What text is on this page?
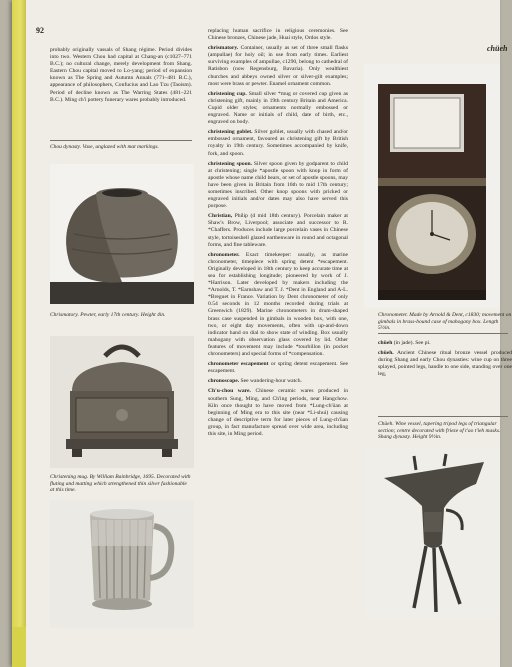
92
chüeh

probably originally vassals of Shang régime. Period divides into two. Western Chou had capital at Chang-an (c1027–771 B.C.); no cultural change, merely development from Shang. Eastern Chou capital moved to Lo-yang; period of expansion known as The Spring and Autumn Annals (771–481 B.C.), appearance of philosophers, Confucius and Lao Tzu (Taoism). Period of decline known as The Warring States (481–221 B.C.). Ming ch'i pottery funerary wares probably introduced.

Chou dynasty. Vase, unglazed with mat markings.

Chrismatory. Pewter, early 17th century. Height 4in.

Christening mug. By William Bainbridge, 1695. Decorated with fluting and matting which strengthened thin silver fashionable at this time.

replacing human sacrifice in religious ceremonies. See Chinese bronzes, Chinese jade, Huai style, Ordos style.

chrismatory. Container, usually as set of three small flasks (ampullae) for holy oil; in use from early times. Earliest surviving examples of ampullae, c1290, belong to cathedral of Ratisbon (now Regensburg, Bavaria). Only wealthiest churches and abbeys owned silver or silver-gilt examples; most were brass or pewter. Enamel ornament common.

christening cup. Small silver *mug or covered cup given as christening gift, mainly in 19th century Britain and America. Cupid older styles; ornaments normally embossed or engraved. Name or initials of child, date of birth, etc., engraved on body.

christening goblet. Silver goblet, usually with chased and/or embossed ornament, favoured as christening gift by British royalty in 19th century. Sometimes accompanied by knife, fork, and spoon.

christening spoon. Silver spoon given by godparent to child at christening; single *apostle spoon with knop in form of apostle whose name child bears, or set of apostle spoons, may have been given in Britain from 16th to mid 17th century; sometimes inscribed. Other knop spoons with pricked or engraved initials and/or dates may also have served this purpose.

Christian, Philip (d mid 18th century). Porcelain maker at Shaw's Brow, Liverpool; associate and successor to R. *Chaffers. Produces include large porcelain vases in Chinese style, tortoiseshell glazed earthenware in round and octagonal forms, and fine tableware.

chronometer. Exact timekeeper: usually, as marine chronometer, timepiece with spring detent *escapement. Originally developed in 18th century to keep accurate time at sea for establishing longitude; pioneered by work of J. *Harrison. Later developed by makers including the *Arnolds, T. *Earnshaw and T. J. *Dent in England and A-L. *Breguet in France. Variation by Dent chronometer of only 0.54 seconds in 12 months recorded during trials at Greenwich (1829). Marine chronometers in drum-shaped brass case suspended in gimbals in wooden box, with one, two, or eight day movements, often with up-and-down indicator hand on dial to show state of winding. Box usually mahogany with observation glass covered by lid. Other features of movement may include *tourbillon (in pocket chronometers) and special forms of *compensation.

chronometer escapement or spring detent escapement. See escapement.

chronoscope. See wandering-hour watch.

Ch'u-chou ware. Chinese ceramic wares produced in southern Sung, Ming, and Ch'ing periods, near Hangchow. Kiln once thought to have moved from *Lung-ch'üan at beginning of Ming era to this site (near *Li-shui) causing change of descriptive term for later pieces of Lung-ch'üan group, in fact manufacture spread over wide area, including this site, in Ming period.

Chronometer. Made by Arnold & Dent, c1830; movement on gimbals in brass-bound case of mahogany box. Length 5½in.

chüeh (in jade). See pi.

chüeh. Ancient Chinese ritual bronze vessel produced during Shang and early Chou dynasties: wine cup on three splayed, pointed legs, handle to one side, standing over one leg,

Chüeh. Wine vessel, tapering tripod legs of triangular section; centre decorated with frieze of t'ao t'ieh masks. Shang dynasty. Height 9½in.
